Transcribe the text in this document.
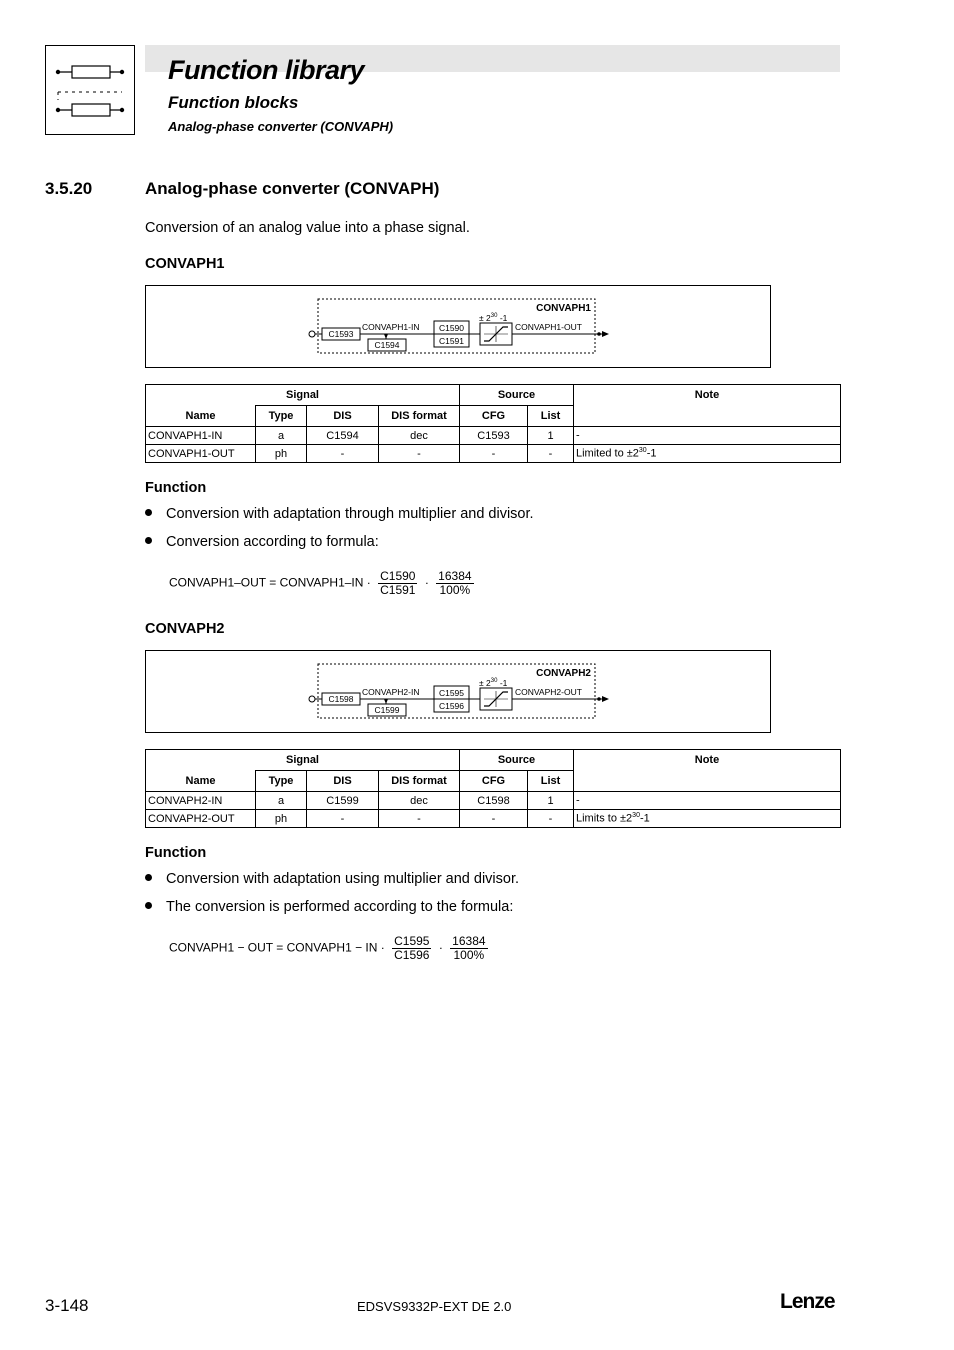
Function library
Function blocks
Analog-phase converter (CONVAPH)
3.5.20	Analog-phase converter (CONVAPH)
Conversion of an analog value into a phase signal.
CONVAPH1
CONVAPH1
C1593
CONVAPH1-IN
C1594
C1590
C1591
± $2^{30}$ -1
CONVAPH1-OUT
Signal				Source		Note
Name	Type	DIS	DIS format	CFG	List	
CONVAPH1-IN	a	C1594	dec	C1593	1	-
CONVAPH1-OUT	ph	-	-	-	-	Limited to $\pm 2^{30}-1$
Function
Conversion with adaptation through multiplier and divisor.
Conversion according to formula:
CONVAPH1–OUT = CONVAPH1–IN · $\frac{C1590}{C1591} \cdot \frac{16384}{100\%}$
CONVAPH2
CONVAPH2
C1598
CONVAPH2-IN
C1599
C1595
C1596
± $2^{30}$ -1
CONVAPH2-OUT
Signal				Source		Note
Name	Type	DIS	DIS format	CFG	List	
CONVAPH2-IN	a	C1599	dec	C1598	1	-
CONVAPH2-OUT	ph	-	-	-	-	Limits to $\pm 2^{30}-1$
Function
Conversion with adaptation using multiplier and divisor.
The conversion is performed according to the formula:
CONVAPH1 − OUT = CONVAPH1 − IN · $\frac{C1595}{C1596} \cdot \frac{16384}{100\%}$
3-148	EDSVS9332P-EXT DE 2.0	Lenze
